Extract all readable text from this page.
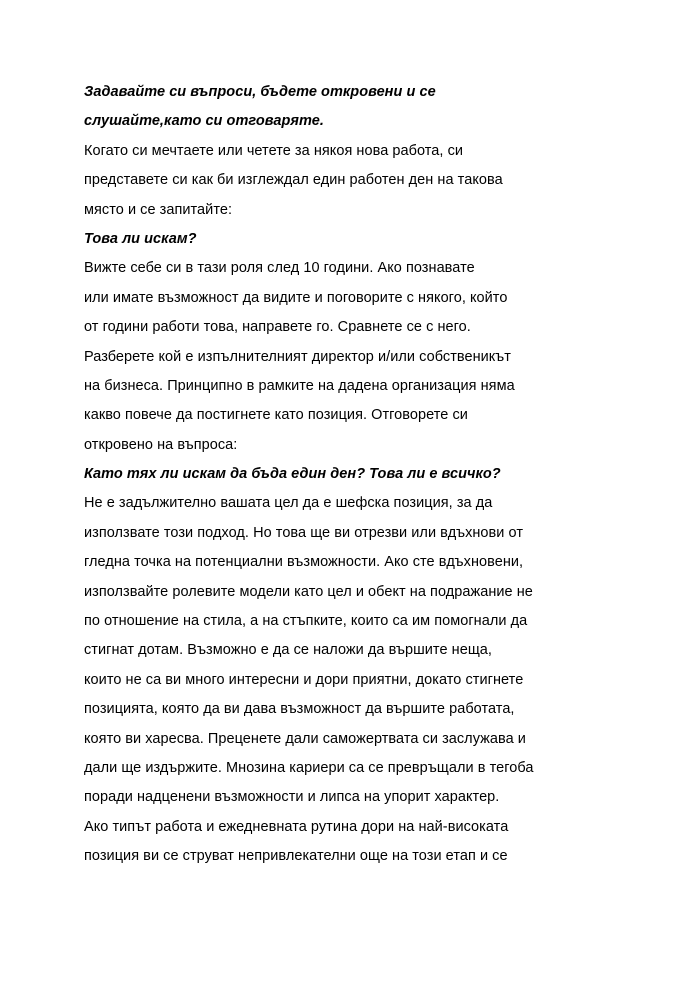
Задавайте си въпроси, бъдете откровени и се
слушайте,като си отговаряте.
Когато си мечтаете или четете за някоя нова работа, си
представете си как би изглеждал един работен ден на такова
място и се запитайте:
Това ли искам?
Вижте себе си в тази роля след 10 години. Ако познавате
или имате възможност да видите и поговорите с някого, който
от години работи това, направете го. Сравнете се с него.
Разберете кой е изпълнителният директор и/или собственикът
на бизнеса. Принципно в рамките на дадена организация няма
какво повече да постигнете като позиция. Отговорете си
откровено на въпроса:
Като тях ли искам да бъда един ден? Това ли е всичко?
Не е задължително вашата цел да е шефска позиция, за да
използвате този подход. Но това ще ви отрезви или вдъхнови от
гледна точка на потенциални възможности. Ако сте вдъхновени,
използвайте ролевите модели като цел и обект на подражание не
по отношение на стила, а на стъпките, които са им помогнали да
стигнат дотам. Възможно е да се наложи да вършите неща,
които не са ви много интересни и дори приятни, докато стигнете
позицията, която да ви дава възможност да вършите работата,
която ви харесва. Преценете дали саможертвата си заслужава и
дали ще издържите. Мнозина кариери са се превръщали в тегоба
поради надценени възможности и липса на упорит характер.
Ако типът работа и ежедневната рутина дори на най-високата
позиция ви се струват непривлекателни още на този етап и се
